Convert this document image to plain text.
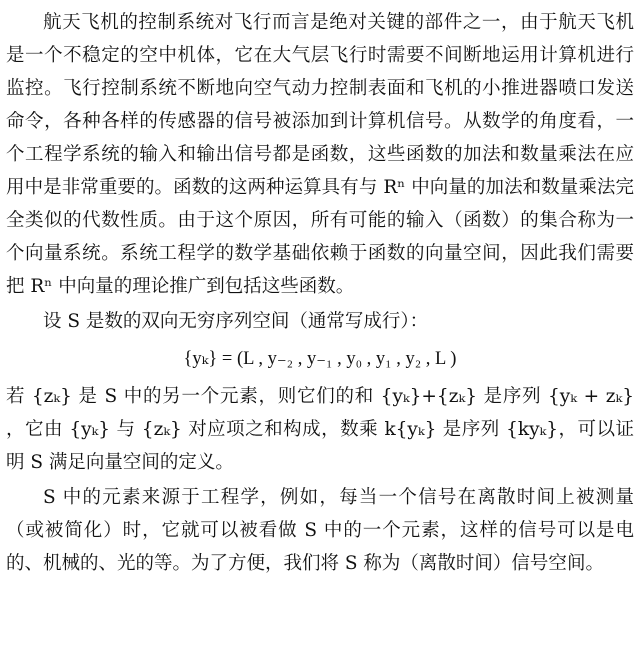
航天飞机的控制系统对飞行而言是绝对关键的部件之一，由于航天飞机是一个不稳定的空中机体，它在大气层飞行时需要不间断地运用计算机进行监控。飞行控制系统不断地向空气动力控制表面和飞机的小推进器喷口发送命令，各种各样的传感器的信号被添加到计算机信号。从数学的角度看，一个工程学系统的输入和输出信号都是函数，这些函数的加法和数量乘法在应用中是非常重要的。函数的这两种运算具有与 Rⁿ 中向量的加法和数量乘法完全类似的代数性质。由于这个原因，所有可能的输入（函数）的集合称为一个向量系统。系统工程学的数学基础依赖于函数的向量空间，因此我们需要把 Rⁿ 中向量的理论推广到包括这些函数。

设 S 是数的双向无穷序列空间（通常写成行）：

{yₖ} = (L , y₋₂ , y₋₁ , y₀ , y₁ , y₂ , L )

若 {zₖ} 是 S 中的另一个元素，则它们的和 {yₖ}+{zₖ} 是序列 {yₖ + zₖ} ，它由 {yₖ} 与 {zₖ} 对应项之和构成，数乘 k{yₖ} 是序列 {kyₖ}，可以证明 S 满足向量空间的定义。

S 中的元素来源于工程学，例如，每当一个信号在离散时间上被测量（或被简化）时，它就可以被看做 S 中的一个元素，这样的信号可以是电的、机械的、光的等。为了方便，我们将 S 称为（离散时间）信号空间。
